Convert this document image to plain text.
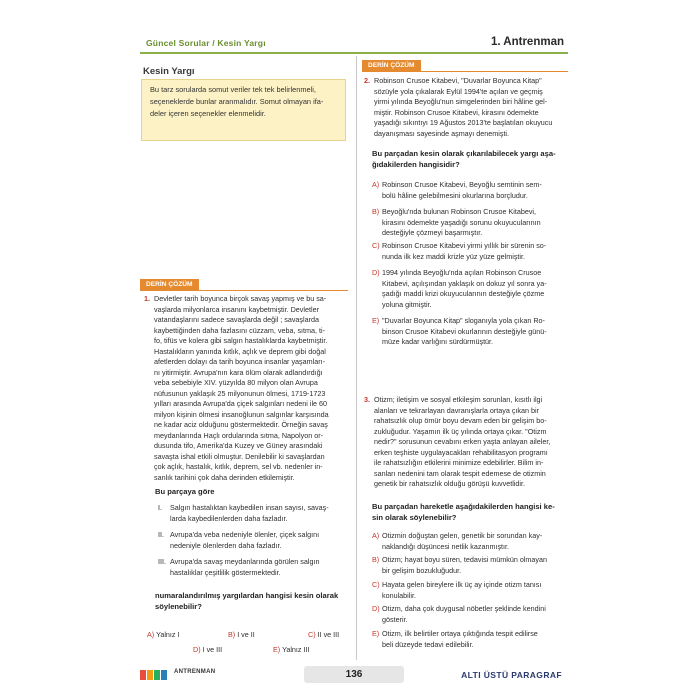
Güncel Sorular / Kesin Yargı	1. Antrenman
Kesin Yargı
Bu tarz sorularda somut veriler tek tek belirlenmeli,
seçeneklerde bunlar aranmalıdır. Somut olmayan ifa-
deler içeren seçenekler elenmelidir.
DERİN ÇÖZÜM
1. Devletler tarih boyunca birçok savaş yapmış ve bu sa-
vaşlarda milyonlarca insanını kaybetmiştir. Devletler
vatandaşlarını sadece savaşlarda değil ; savaşlarda
kaybettiğinden daha fazlasını cüzzam, veba, sıtma, ti-
fo, tifüs ve kolera gibi salgın hastalıklarda kaybetmiştir.
Hastalıkların yanında kıtlık, açlık ve deprem gibi doğal
afetlerden dolayı da tarih boyunca insanlar yaşamları-
nı yitirmiştir. Avrupa'nın kara ölüm olarak adlandırdığı
veba sebebiyle XIV. yüzyılda 80 milyon olan Avrupa
nüfusunun yaklaşık 25 milyonunun ölmesi, 1719-1723
yılları arasında Avrupa'da çiçek salgınları nedeni ile 60
milyon kişinin ölmesi insanoğlunun salgınlar karşısında
ne kadar aciz olduğunu göstermektedir. Örneğin savaş
meydanlarında Haçlı ordularında sıtma, Napolyon or-
dusunda tifo, Amerika'da Kuzey ve Güney arasındaki
savaşta ishal etkili olmuştur. Denilebilir ki savaşlardan
çok açlık, hastalık, kıtlık, deprem, sel vb. nedenler in-
sanlık tarihini çok daha derinden etkilemiştir.
Bu parçaya göre
I. Salgın hastalıktan kaybedilen insan sayısı, savaş-
larda kaybedilenlerden daha fazladır.
II. Avrupa'da veba nedeniyle ölenler, çiçek salgını
nedeniyle ölenlerden daha fazladır.
III. Avrupa'da savaş meydanlarında görülen salgın
hastalıklar çeşitlilik göstermektedir.
numaralandırılmış yargılardan hangisi kesin olarak
söylenebilir?
A) Yalnız I	B) I ve II	C) II ve III
D) I ve III	E) Yalnız III
DERİN ÇÖZÜM
2. Robinson Crusoe Kitabevi, "Duvarlar Boyunca Kitap"
sözüyle yola çıkalarak Eylül 1994'te açılan ve geçmiş
yirmi yılında Beyoğlu'nun simgelerinden biri hâline gel-
miştir. Robinson Crusoe Kitabevi, kirasını ödemekte
yaşadığı sıkıntıyı 19 Ağustos 2013'te başlatılan okuyucu
dayanışması sayesinde aşmayı denemişti.
Bu parçadan kesin olarak çıkarılabilecek yargı aşa-
ğıdakilerden hangisidir?
A) Robinson Crusoe Kitabevi, Beyoğlu semtinin sem-
bolü hâline gelebilmesini okurlarına borçludur.
B) Beyoğlu'nda bulunan Robinson Crusoe Kitabevi,
kirasını ödemekte yaşadığı sorunu okuyucularının
desteğiyle çözmeyi başarmıştır.
C) Robinson Crusoe Kitabevi yirmi yıllık bir sürenin so-
nunda ilk kez maddi krizle yüz yüze gelmiştir.
D) 1994 yılında Beyoğlu'nda açılan Robinson Crusoe
Kitabevi, açılışından yaklaşık on dokuz yıl sonra ya-
şadığı maddi krizi okuyucularının desteğiyle çözme
yoluna gitmiştir.
E) "Duvarlar Boyunca Kitap" sloganıyla yola çıkan Ro-
binson Crusoe Kitabevi okurlarının desteğiyle günü-
müze kadar varlığını sürdürmüştür.
3. Otizm; iletişim ve sosyal etkileşim sorunları, kısıtlı ilgi
alanları ve tekrarlayan davranışlarla ortaya çıkan bir
rahatsızlık olup ömür boyu devam eden bir gelişim bo-
zukluğudur. Yaşamın ilk üç yılında ortaya çıkar. "Otizm
nedir?" sorusunun cevabını erken yaşta anlayan aileler,
erken teşhiste uygulayacakları rehabilitasyon programı
ile rahatsızlığın etkilerini minimize edebilirler. Bilim in-
sanları nedenini tam olarak tespit edemese de otizmin
genetik bir rahatsızlık olduğu görüşü kuvvetlidir.
Bu parçadan hareketle aşağıdakilerden hangisi ke-
sin olarak söylenebilir?
A) Otizmin doğuştan gelen, genetik bir sorundan kay-
naklandığı düşüncesi netlik kazanmıştır.
B) Otizm; hayat boyu süren, tedavisi mümkün olmayan
bir gelişim bozukluğudur.
C) Hayata gelen bireylere ilk üç ay içinde otizm tanısı
konulabilir.
D) Otizm, daha çok duygusal nöbetler şeklinde kendini
gösterir.
E) Otizm, ilk belirtiler ortaya çıktığında tespit edilirse
beli düzeyde tedavi edilebilir.
ANTRENMAN	136	ALTI ÜSTÜ PARAGRAF
